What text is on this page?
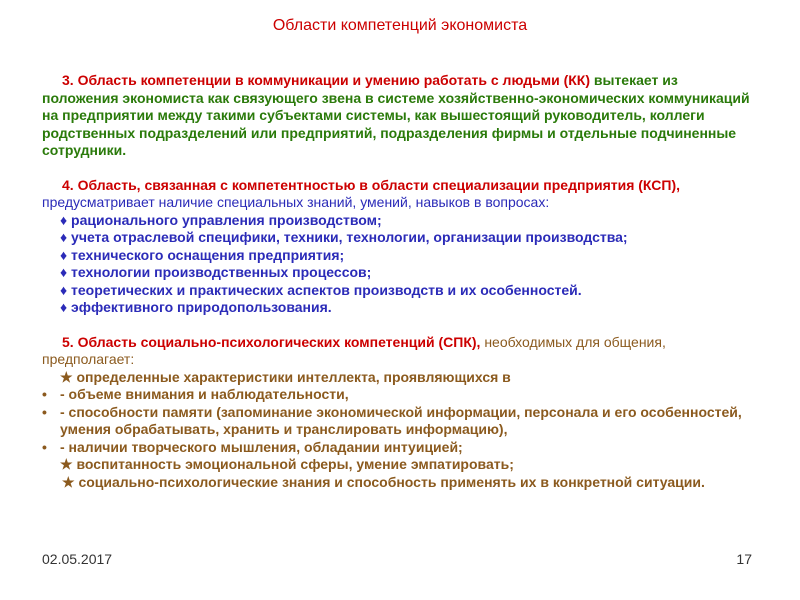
Области компетенций экономиста
3. Область компетенции в коммуникации и умению работать с людьми (КК) вытекает из положения экономиста как связующего звена в системе хозяйственно-экономических коммуникаций на предприятии между такими субъектами системы, как вышестоящий руководитель, коллеги родственных подразделений или предприятий, подразделения фирмы и отдельные подчиненные сотрудники.
4. Область, связанная с компетентностью в области специализации предприятия (КСП), предусматривает наличие специальных знаний, умений, навыков в вопросах:
♦ рационального управления производством;
♦ учета отраслевой специфики, техники, технологии, организации производства;
♦ технического оснащения предприятия;
♦ технологии производственных процессов;
♦ теоретических и практических аспектов производств и их особенностей.
♦ эффективного природопользования.
5. Область социально-психологических компетенций (СПК), необходимых для общения, предполагает:
★ определенные характеристики интеллекта, проявляющихся в
• - объеме внимания и наблюдательности,
• - способности памяти (запоминание экономической информации, персонала и его особенностей, умения обрабатывать, хранить и транслировать информацию),
• - наличии творческого мышления, обладании интуицией;
★ воспитанность эмоциональной сферы, умение эмпатировать;
★ социально-психологические знания и способность применять их в конкретной ситуации.
02.05.2017	17
